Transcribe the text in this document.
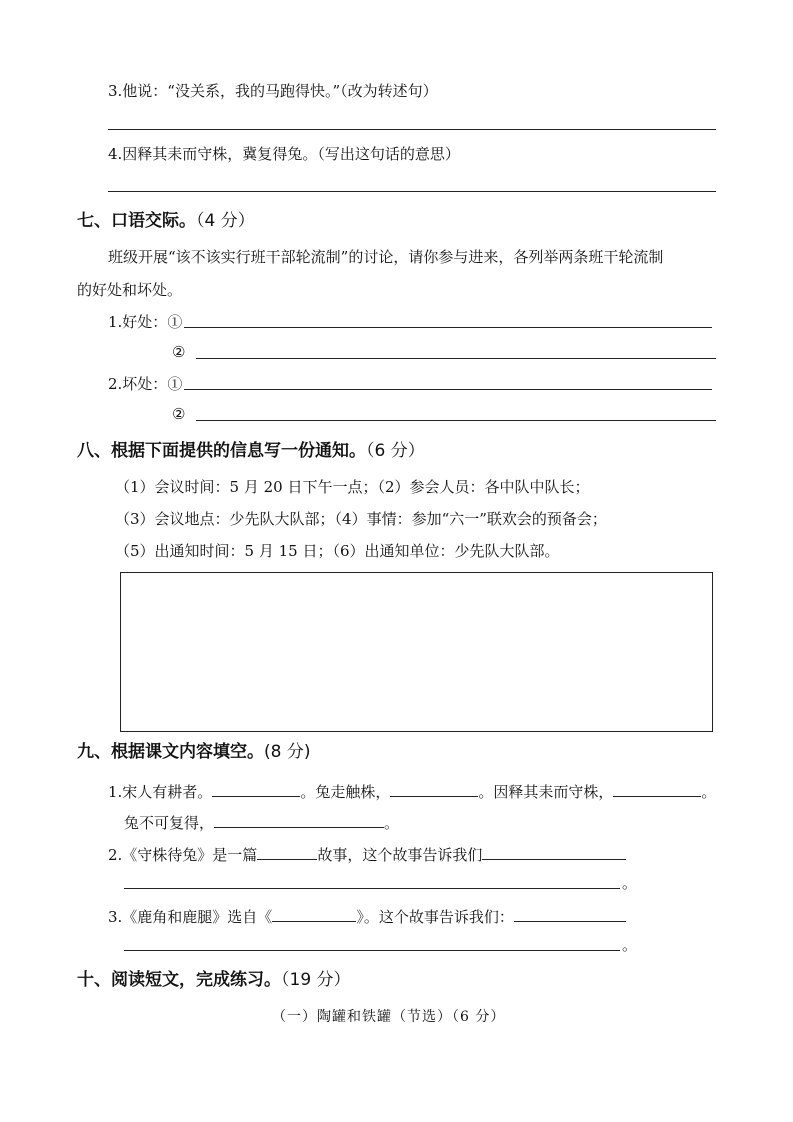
3.他说：“没关系，我的马跑得快。”（改为转述句）
4.因释其耒而守株，冀复得兔。（写出这句话的意思）
七、口语交际。（4 分）
班级开展“该不该实行班干部轮流制”的讨论，请你参与进来，各列举两条班干轮流制
的好处和坏处。
1.好处：①
②
2.坏处：①
②
八、根据下面提供的信息写一份通知。（6 分）
（1）会议时间：5 月 20 日下午一点；（2）参会人员：各中队中队长；
（3）会议地点：少先队大队部；（4）事情：参加“六一”联欢会的预备会；
（5）出通知时间：5 月 15 日；（6）出通知单位：少先队大队部。
九、根据课文内容填空。(8 分)
1.宋人有耕者。	。兔走触株，	。因释其耒而守株，	。
兔不可复得，	。
2.《守株待兔》是一篇	故事，这个故事告诉我们
。
3.《鹿角和鹿腿》选自《	》。这个故事告诉我们：
。
十、阅读短文，完成练习。（19 分）
（一）陶罐和铁罐（节选）（6 分）
